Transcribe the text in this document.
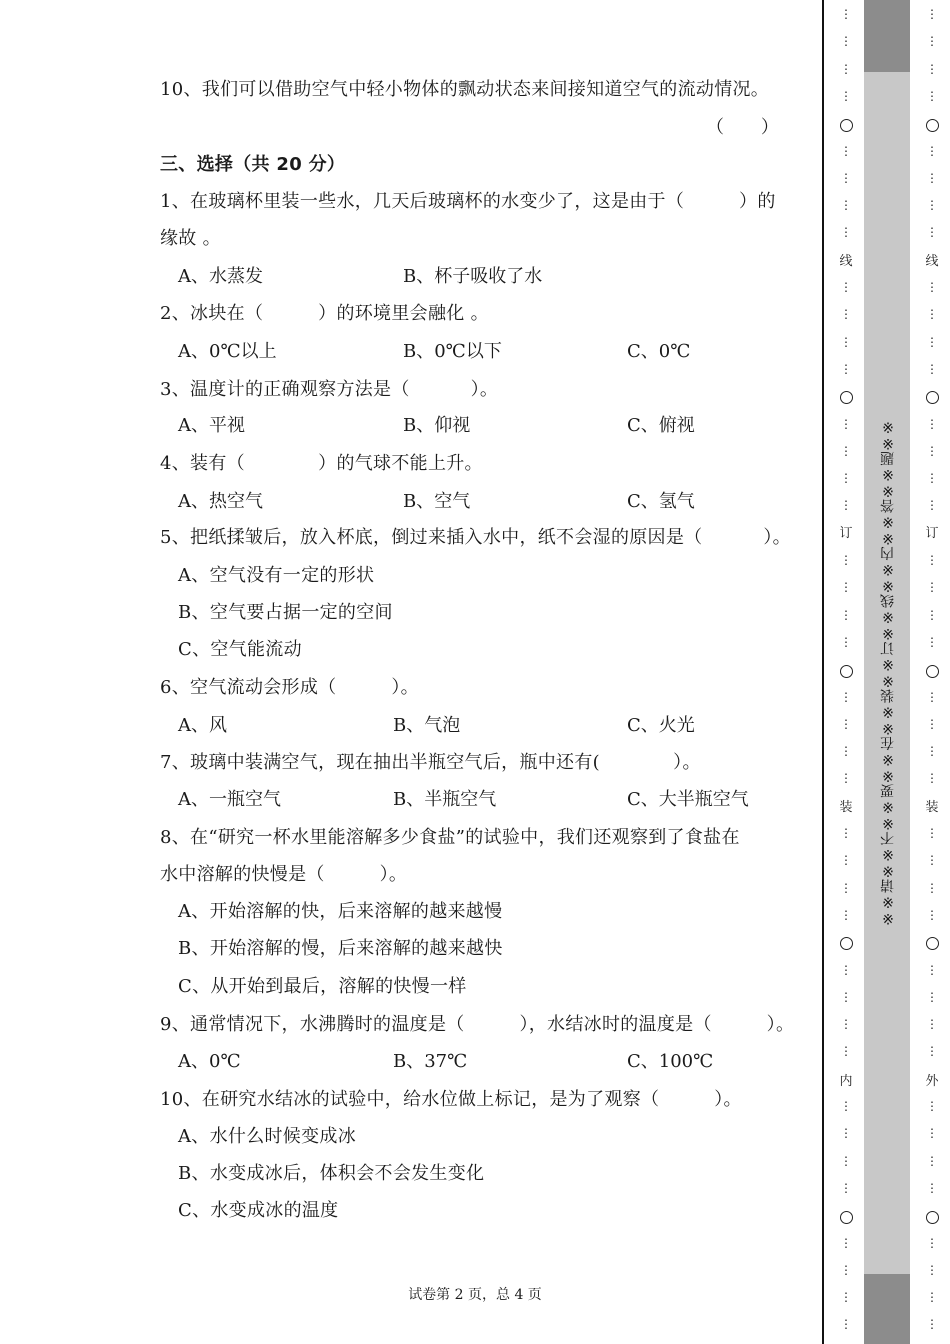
10、我们可以借助空气中轻小物体的飘动状态来间接知道空气的流动情况。
（　　）
三、选择（共 20 分）
1、在玻璃杯里装一些水，几天后玻璃杯的水变少了，这是由于（　　　）的
缘故 。
2、冰块在（　　　）的环境里会融化 。
3、温度计的正确观察方法是（　　　 ）。
4、装有（　　　　）的气球不能上升。
5、把纸揉皱后，放入杯底，倒过来插入水中，纸不会湿的原因是（　　　 ）。
A、空气没有一定的形状
B、空气要占据一定的空间
C、空气能流动
6、空气流动会形成（　　　）。
7、玻璃中装满空气，现在抽出半瓶空气后，瓶中还有(　　　　）。
8、在“研究一杯水里能溶解多少食盐”的试验中，我们还观察到了食盐在
水中溶解的快慢是（　　　）。
A、开始溶解的快，后来溶解的越来越慢
B、开始溶解的慢，后来溶解的越来越快
C、从开始到最后，溶解的快慢一样
9、通常情况下，水沸腾时的温度是（　　　），水结冰时的温度是（　　　）。
10、在研究水结冰的试验中，给水位做上标记，是为了观察（　　　）。
A、水什么时候变成冰
B、水变成冰后，体积会不会发生变化
C、水变成冰的温度
A、水蒸发	B、杯子吸收了水
A、0℃以上	B、0℃以下	C、0℃
A、平视	B、仰视	C、俯视
A、热空气	B、空气	C、氢气
A、风	B、气泡	C、火光
A、一瓶空气	B、半瓶空气	C、大半瓶空气
A、0℃	B、37℃	C、100℃
试卷第 2 页，总 4 页
※※请※※不※※要※※在※※装※※订※※线※※内※※答※※题※※
⋮
⋮
⋮
⋮
⋮
⋮
⋮
⋮
⋮
⋮
⋮
⋮
⋮
⋮
⋮
⋮
⋮
⋮
⋮
⋮
⋮
⋮
⋮
⋮
⋮
⋮
⋮
⋮
⋮
⋮
⋮
⋮
⋮
⋮
⋮
⋮
⋮
⋮
⋮
⋮
线
订
装
内
⋮
⋮
⋮
⋮
⋮
⋮
⋮
⋮
⋮
⋮
⋮
⋮
⋮
⋮
⋮
⋮
⋮
⋮
⋮
⋮
⋮
⋮
⋮
⋮
⋮
⋮
⋮
⋮
⋮
⋮
⋮
⋮
⋮
⋮
⋮
⋮
⋮
⋮
⋮
⋮
线
订
装
外
